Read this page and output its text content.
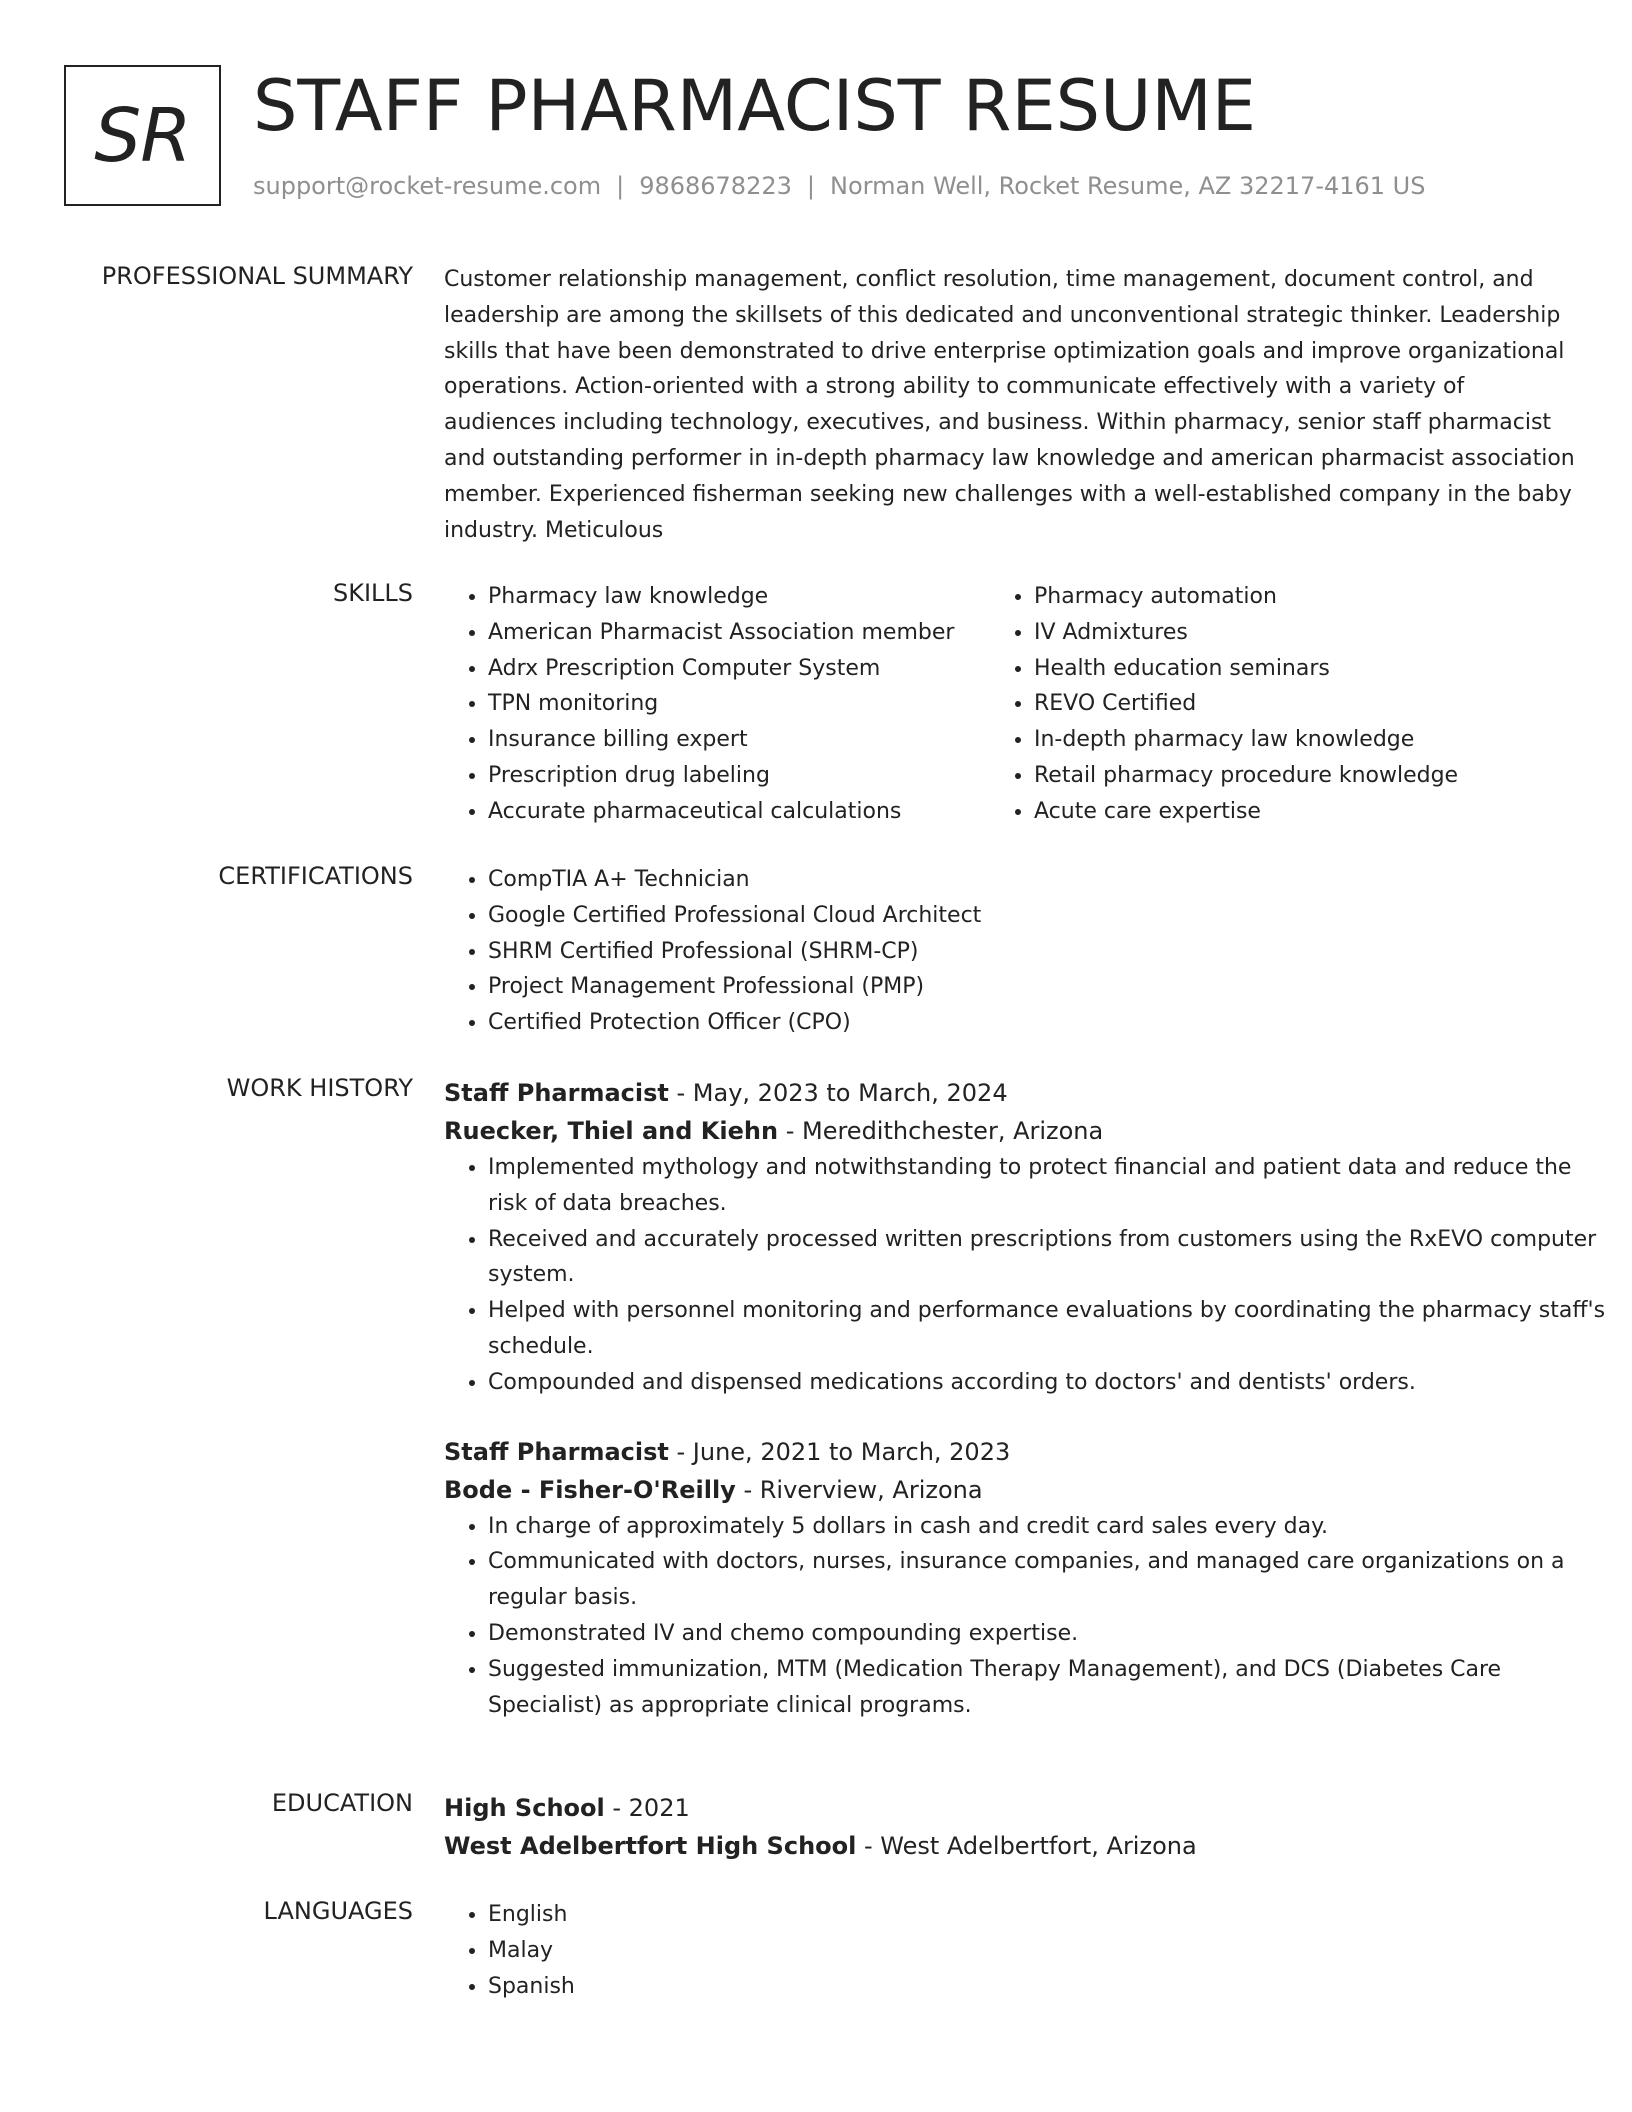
SR STAFF PHARMACIST RESUME
support@rocket-resume.com | 9868678223 | Norman Well, Rocket Resume, AZ 32217-4161 US
PROFESSIONAL SUMMARY Customer relationship management, conflict resolution, time management, document control, and leadership are among the skillsets of this dedicated and unconventional strategic thinker. Leadership skills that have been demonstrated to drive enterprise optimization goals and improve organizational operations. Action-oriented with a strong ability to communicate effectively with a variety of audiences including technology, executives, and business. Within pharmacy, senior staff pharmacist and outstanding performer in in-depth pharmacy law knowledge and american pharmacist association member. Experienced fisherman seeking new challenges with a well-established company in the baby industry. Meticulous

SKILLS	• Pharmacy law knowledge
• American Pharmacist Association member
• Adrx Prescription Computer System
• TPN monitoring
• Insurance billing expert
• Prescription drug labeling
• Accurate pharmaceutical calculations
• Pharmacy automation
• IV Admixtures
• Health education seminars
• REVO Certified
• In-depth pharmacy law knowledge
• Retail pharmacy procedure knowledge
• Acute care expertise
CERTIFICATIONS	• CompTIA A+ Technician
• Google Certified Professional Cloud Architect
• SHRM Certified Professional (SHRM-CP)
• Project Management Professional (PMP)
• Certified Protection Officer (CPO)
WORK HISTORY Staff Pharmacist - May, 2023 to March, 2024
Ruecker, Thiel and Kiehn - Meredithchester, Arizona
• Implemented mythology and notwithstanding to protect financial and patient data and reduce the risk of data breaches.
• Received and accurately processed written prescriptions from customers using the RxEVO computer system.
• Helped with personnel monitoring and performance evaluations by coordinating the pharmacy staff's schedule.
• Compounded and dispensed medications according to doctors' and dentists' orders.
Staff Pharmacist - June, 2021 to March, 2023
Bode - Fisher-O'Reilly - Riverview, Arizona
• In charge of approximately 5 dollars in cash and credit card sales every day.
• Communicated with doctors, nurses, insurance companies, and managed care organizations on a regular basis.
• Demonstrated IV and chemo compounding expertise.
• Suggested immunization, MTM (Medication Therapy Management), and DCS (Diabetes Care Specialist) as appropriate clinical programs.
EDUCATION High School - 2021
West Adelbertfort High School - West Adelbertfort, Arizona
LANGUAGES	• English
• Malay
• Spanish
